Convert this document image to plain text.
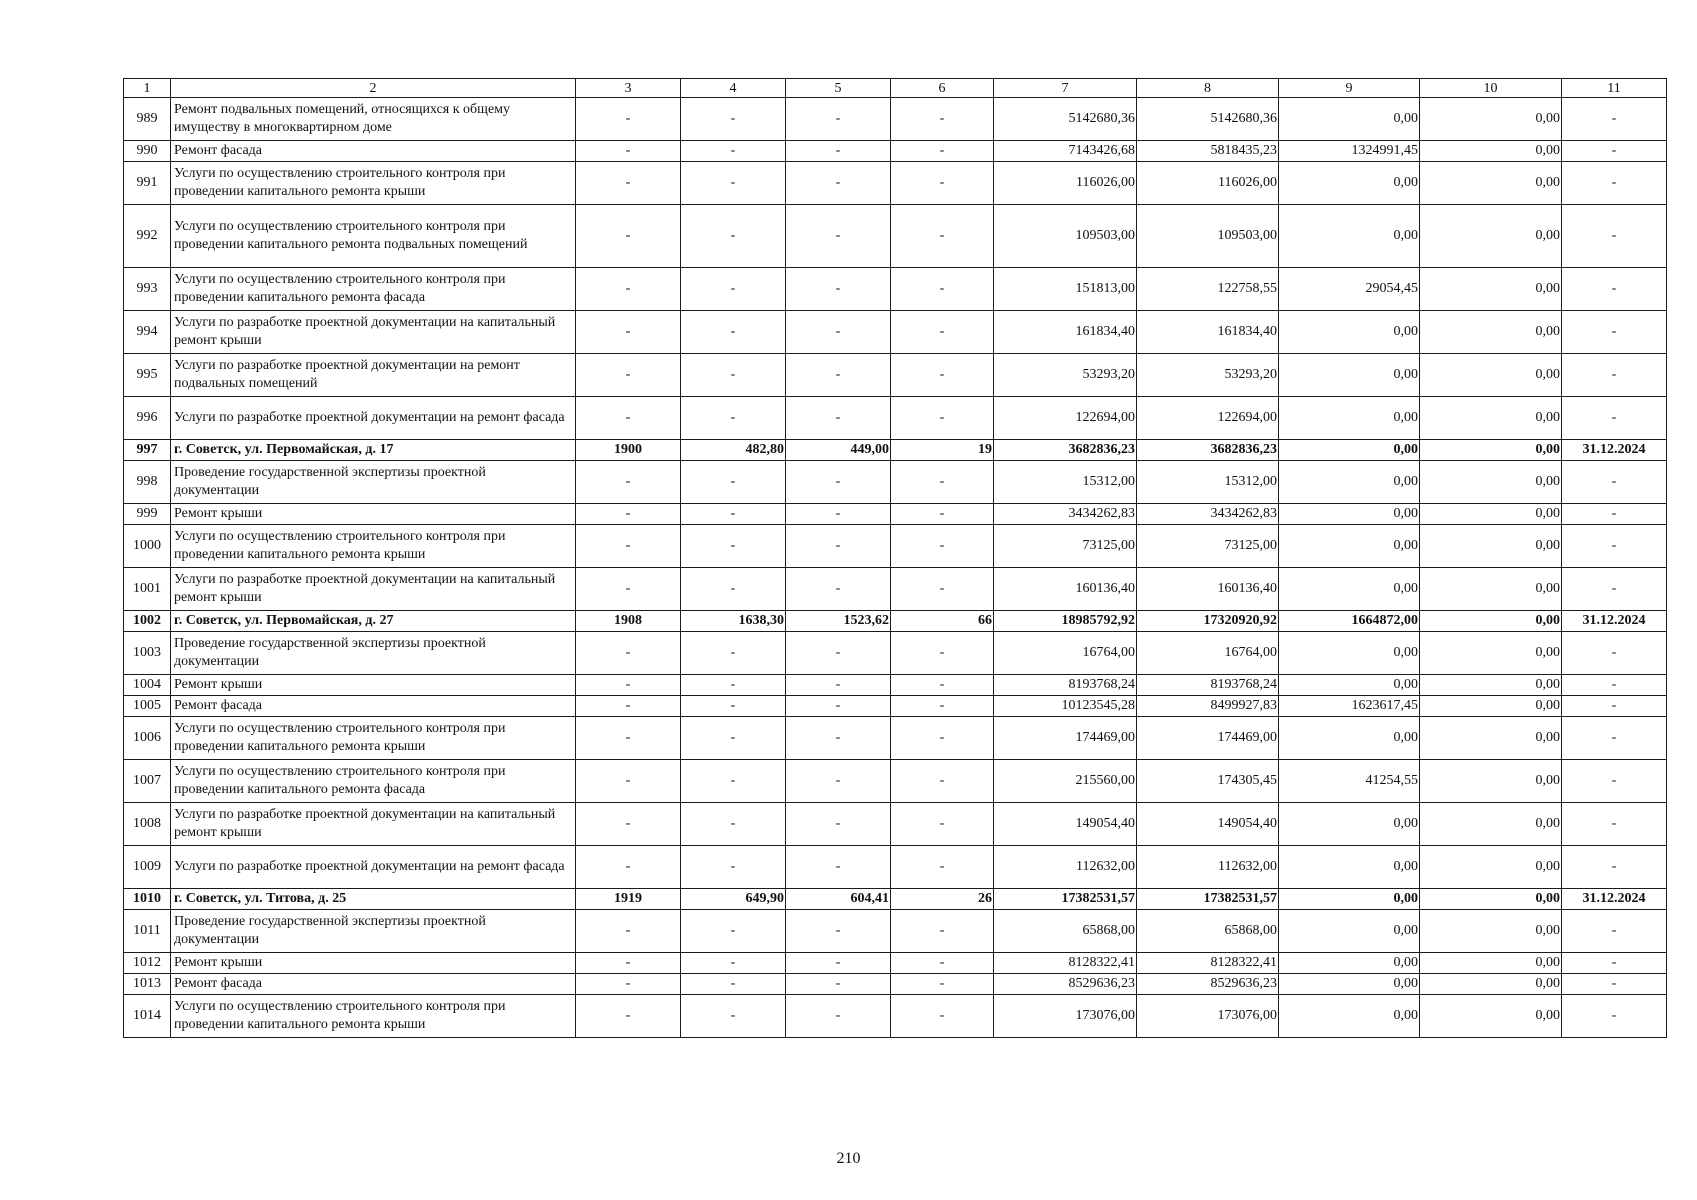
1	2	3	4	5	6	7	8	9	10	11
989	Ремонт подвальных помещений, относящихся к общему имуществу в многоквартирном доме	-	-	-	-	5142680,36	5142680,36	0,00	0,00	-
990	Ремонт фасада	-	-	-	-	7143426,68	5818435,23	1324991,45	0,00	-
991	Услуги по осуществлению строительного контроля при проведении капитального ремонта крыши	-	-	-	-	116026,00	116026,00	0,00	0,00	-
992	Услуги по осуществлению строительного контроля при проведении капитального ремонта подвальных помещений	-	-	-	-	109503,00	109503,00	0,00	0,00	-
993	Услуги по осуществлению строительного контроля при проведении капитального ремонта фасада	-	-	-	-	151813,00	122758,55	29054,45	0,00	-
994	Услуги по разработке проектной документации на капитальный ремонт крыши	-	-	-	-	161834,40	161834,40	0,00	0,00	-
995	Услуги по разработке проектной документации на ремонт подвальных помещений	-	-	-	-	53293,20	53293,20	0,00	0,00	-
996	Услуги по разработке проектной документации на ремонт фасада	-	-	-	-	122694,00	122694,00	0,00	0,00	-
997	г. Советск, ул. Первомайская, д. 17	1900	482,80	449,00	19	3682836,23	3682836,23	0,00	0,00	31.12.2024
998	Проведение государственной экспертизы проектной документации	-	-	-	-	15312,00	15312,00	0,00	0,00	-
999	Ремонт крыши	-	-	-	-	3434262,83	3434262,83	0,00	0,00	-
1000	Услуги по осуществлению строительного контроля при проведении капитального ремонта крыши	-	-	-	-	73125,00	73125,00	0,00	0,00	-
1001	Услуги по разработке проектной документации на капитальный ремонт крыши	-	-	-	-	160136,40	160136,40	0,00	0,00	-
1002	г. Советск, ул. Первомайская, д. 27	1908	1638,30	1523,62	66	18985792,92	17320920,92	1664872,00	0,00	31.12.2024
1003	Проведение государственной экспертизы проектной документации	-	-	-	-	16764,00	16764,00	0,00	0,00	-
1004	Ремонт крыши	-	-	-	-	8193768,24	8193768,24	0,00	0,00	-
1005	Ремонт фасада	-	-	-	-	10123545,28	8499927,83	1623617,45	0,00	-
1006	Услуги по осуществлению строительного контроля при проведении капитального ремонта крыши	-	-	-	-	174469,00	174469,00	0,00	0,00	-
1007	Услуги по осуществлению строительного контроля при проведении капитального ремонта фасада	-	-	-	-	215560,00	174305,45	41254,55	0,00	-
1008	Услуги по разработке проектной документации на капитальный ремонт крыши	-	-	-	-	149054,40	149054,40	0,00	0,00	-
1009	Услуги по разработке проектной документации на ремонт фасада	-	-	-	-	112632,00	112632,00	0,00	0,00	-
1010	г. Советск, ул. Титова, д. 25	1919	649,90	604,41	26	17382531,57	17382531,57	0,00	0,00	31.12.2024
1011	Проведение государственной экспертизы проектной документации	-	-	-	-	65868,00	65868,00	0,00	0,00	-
1012	Ремонт крыши	-	-	-	-	8128322,41	8128322,41	0,00	0,00	-
1013	Ремонт фасада	-	-	-	-	8529636,23	8529636,23	0,00	0,00	-
1014	Услуги по осуществлению строительного контроля при проведении капитального ремонта крыши	-	-	-	-	173076,00	173076,00	0,00	0,00	-
210
